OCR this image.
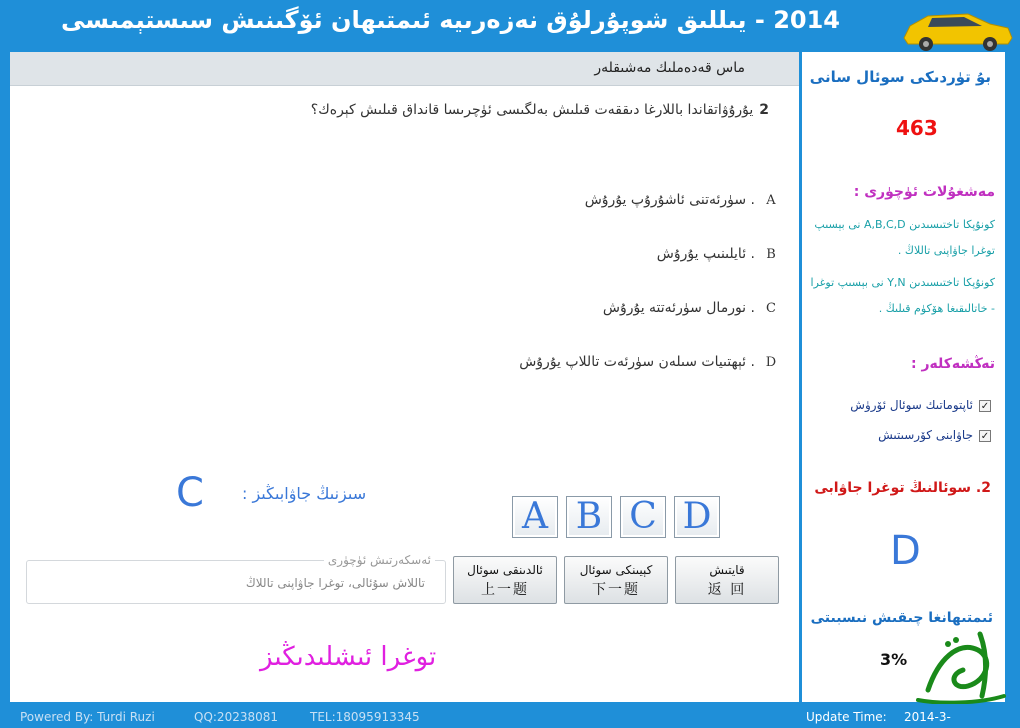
2014 - يىللىق شوپۇرلۇق نەزەرىيە ئىمتىھان ئۆگىنىش سىستېمىسى
ماس قەدەملىك مەشىقلەر
2يۇرۇۋاتقاندا باللارغا دىققەت قىلىش بەلگىسى ئۈچرىسا قانداق قىلىش كېرەك؟
A. سۈرئەتنى ئاشۇرۇپ يۇرۇش
B. ئايلىنىپ يۇرۇش
C. نورمال سۈرئەتتە يۇرۇش
D. ئېھتىيات سىلەن سۈرئەت تاللاپ يۇرۇش
C سىزنىڭ جاۋابىڭىز :
A B C D
ئەسكەرتىش ئۈچۈرى
تاللاش سۇئالى، توغرا جاۋاپنى تاللاڭ
ئالدىنقى سوئال
上一题
كېيىنكى سوئال
下一题
قايتىش
返 回
توغرا ئىشلىدىڭىز
بۇ تۈردىكى سوئال سانى
463
مەشغۇلات ئۈچۈرى :
كونۇپكا تاختىسىدىن A,B,C,D نى بېسىپ توغرا جاۋاپنى تاللاڭ .
كونۇپكا تاختىسىدىن Y,N نى بېسىپ توغرا - خاتالىقىغا ھۆكۈم قىلىڭ .
تەڭشەكلەر :
✓ئاپتوماتىك سوئال ئۆرۈش
✓جاۋابنى كۆرسىتىش
2. سوئالنىڭ توغرا جاۋابى
D
ئىمتىھانغا چىقىش نىسبىتى
3%
Powered By: Turdi Ruzi	QQ:20238081	TEL:18095913345	Update Time: 2014-3-
